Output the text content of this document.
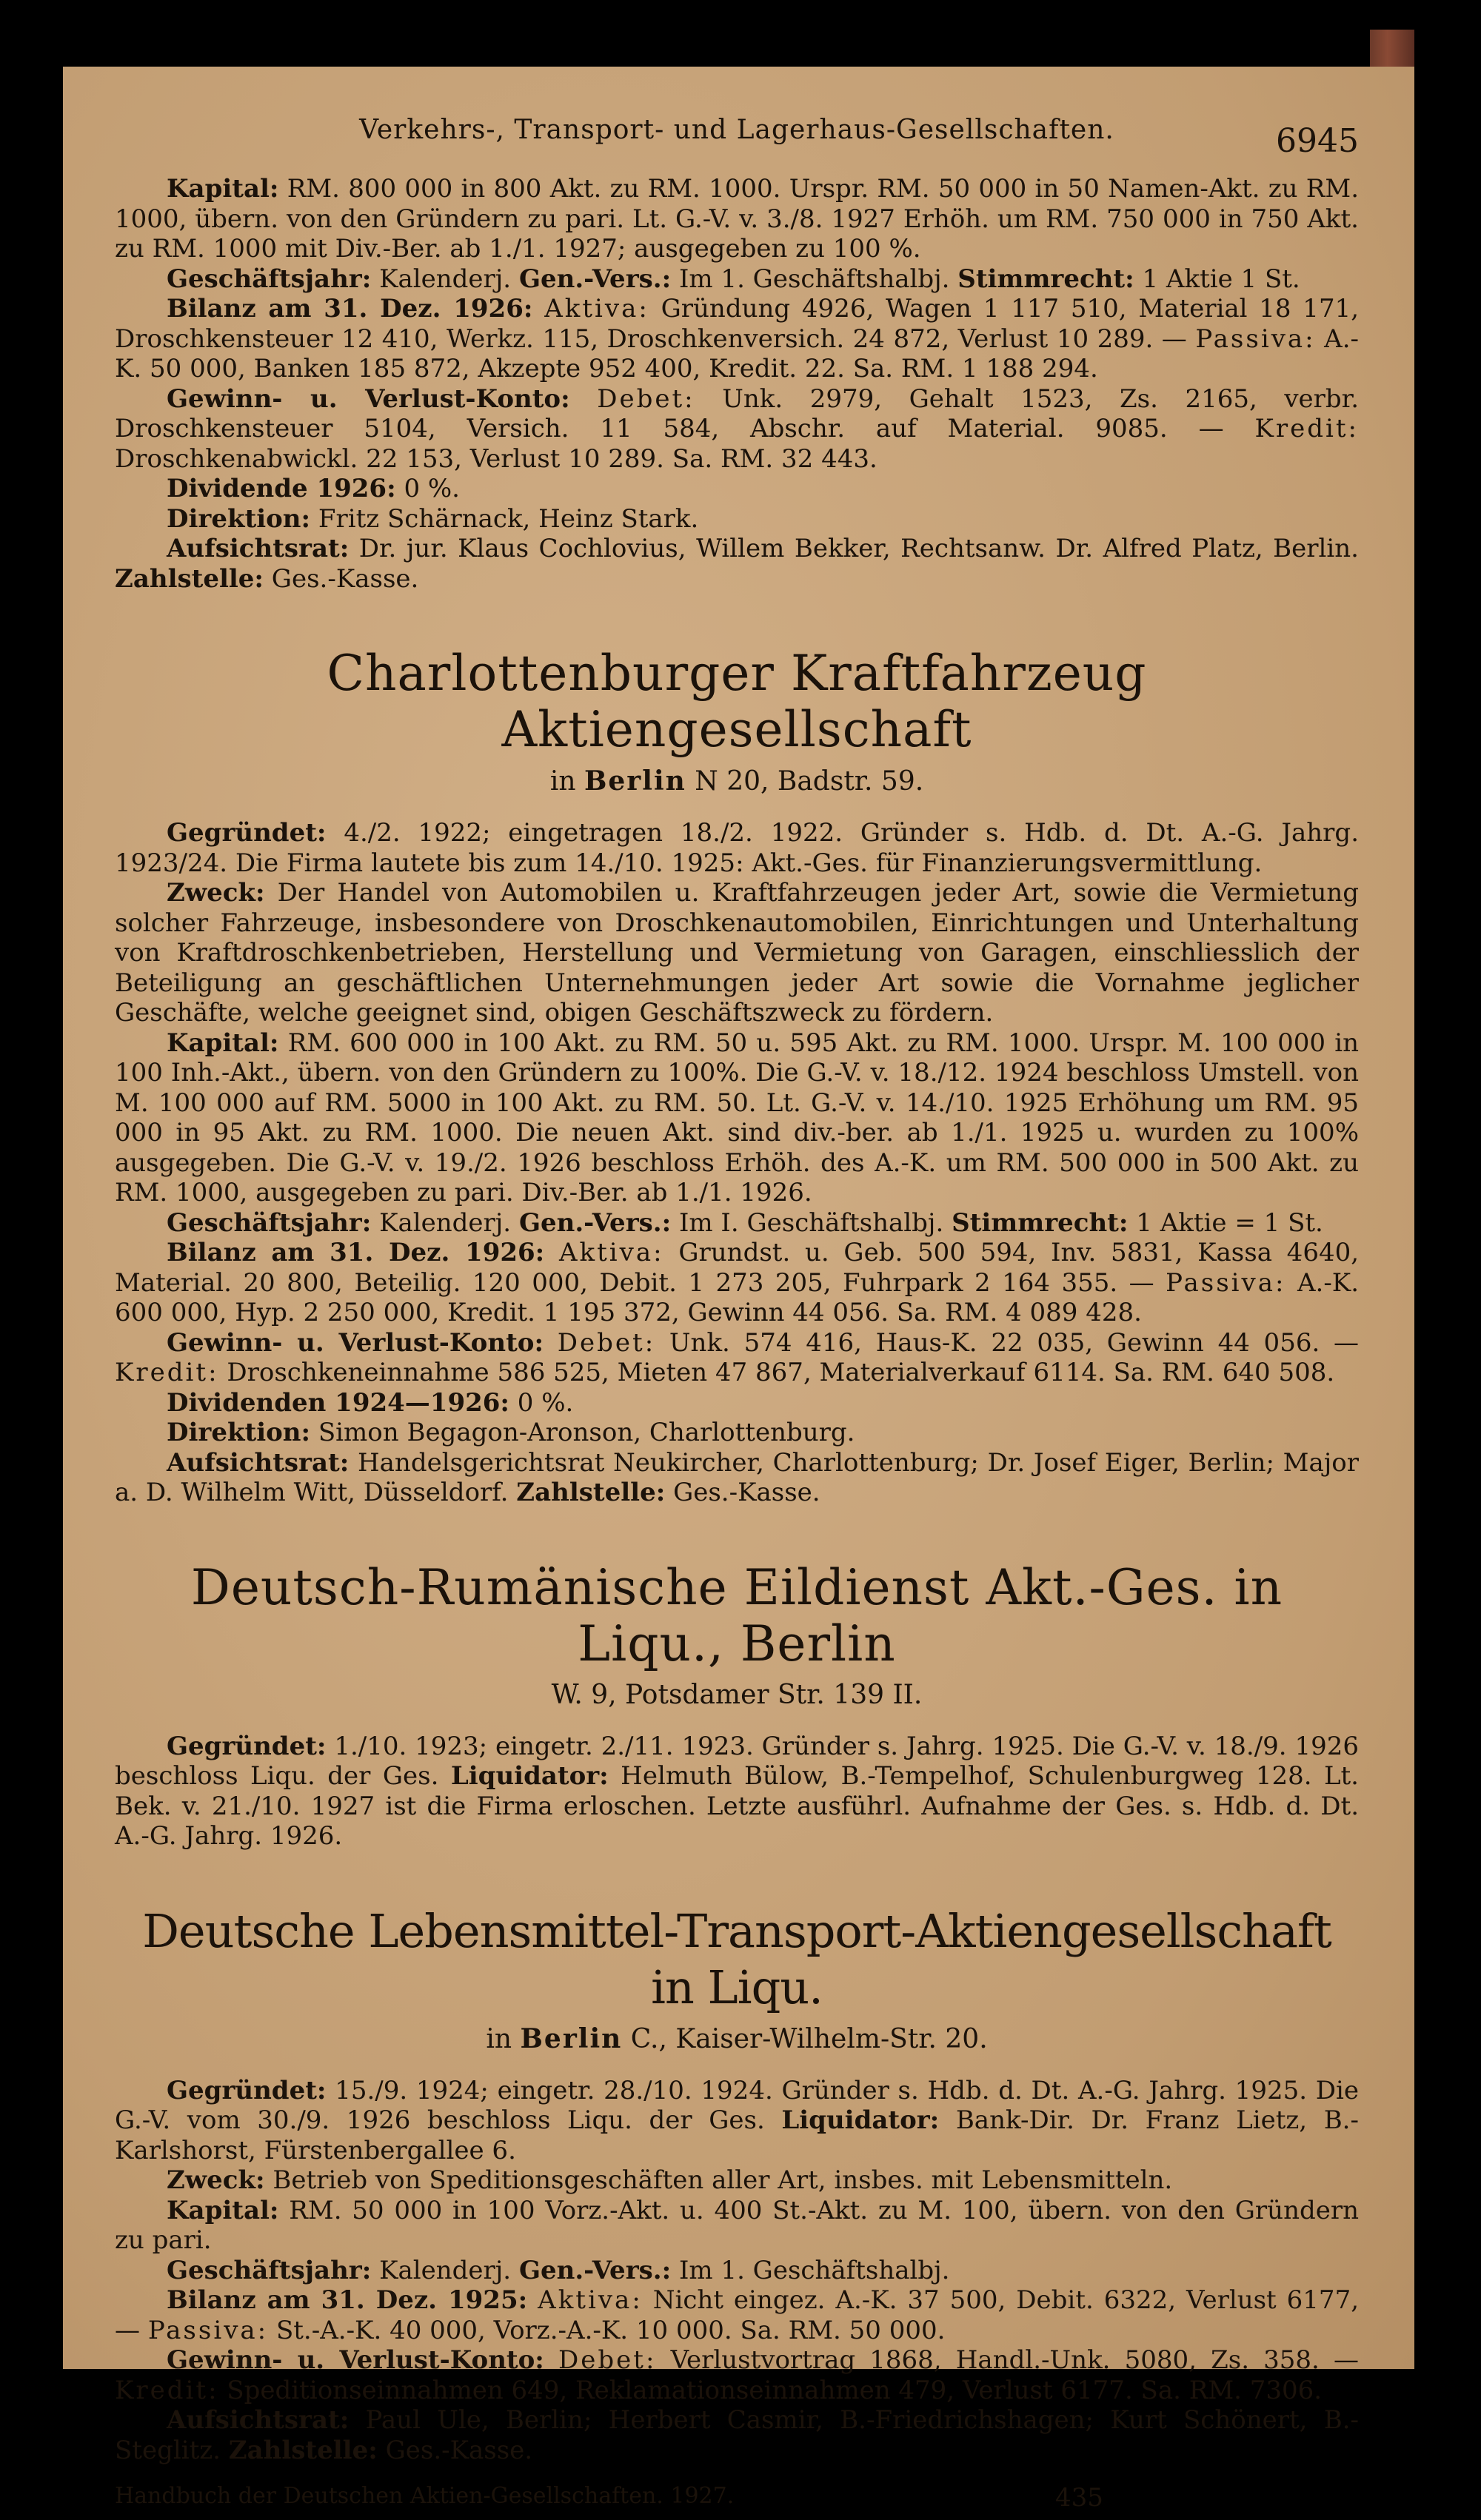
Verkehrs-, Transport- und Lagerhaus-Gesellschaften.	6945

Kapital: RM. 800 000 in 800 Akt. zu RM. 1000. Urspr. RM. 50 000 in 50 Namen-Akt. zu RM. 1000, übern. von den Gründern zu pari. Lt. G.-V. v. 3./8. 1927 Erhöh. um RM. 750 000 in 750 Akt. zu RM. 1000 mit Div.-Ber. ab 1./1. 1927; ausgegeben zu 100 %.

Geschäftsjahr: Kalenderj. Gen.-Vers.: Im 1. Geschäftshalbj. Stimmrecht: 1 Aktie 1 St.

Bilanz am 31. Dez. 1926: Aktiva: Gründung 4926, Wagen 1 117 510, Material 18 171, Droschkensteuer 12 410, Werkz. 115, Droschkenversich. 24 872, Verlust 10 289. — Passiva: A.-K. 50 000, Banken 185 872, Akzepte 952 400, Kredit. 22. Sa. RM. 1 188 294.

Gewinn- u. Verlust-Konto: Debet: Unk. 2979, Gehalt 1523, Zs. 2165, verbr. Droschkensteuer 5104, Versich. 11 584, Abschr. auf Material. 9085. — Kredit: Droschkenabwickl. 22 153, Verlust 10 289. Sa. RM. 32 443.

Dividende 1926: 0 %.

Direktion: Fritz Schärnack, Heinz Stark.

Aufsichtsrat: Dr. jur. Klaus Cochlovius, Willem Bekker, Rechtsanw. Dr. Alfred Platz, Berlin. Zahlstelle: Ges.-Kasse.

Charlottenburger Kraftfahrzeug Aktiengesellschaft
in Berlin N 20, Badstr. 59.

Gegründet: 4./2. 1922; eingetragen 18./2. 1922. Gründer s. Hdb. d. Dt. A.-G. Jahrg. 1923/24. Die Firma lautete bis zum 14./10. 1925: Akt.-Ges. für Finanzierungsvermittlung.

Zweck: Der Handel von Automobilen u. Kraftfahrzeugen jeder Art, sowie die Vermietung solcher Fahrzeuge, insbesondere von Droschkenautomobilen, Einrichtungen und Unterhaltung von Kraftdroschkenbetrieben, Herstellung und Vermietung von Garagen, einschliesslich der Beteiligung an geschäftlichen Unternehmungen jeder Art sowie die Vornahme jeglicher Geschäfte, welche geeignet sind, obigen Geschäftszweck zu fördern.

Kapital: RM. 600 000 in 100 Akt. zu RM. 50 u. 595 Akt. zu RM. 1000. Urspr. M. 100 000 in 100 Inh.-Akt., übern. von den Gründern zu 100%. Die G.-V. v. 18./12. 1924 beschloss Umstell. von M. 100 000 auf RM. 5000 in 100 Akt. zu RM. 50. Lt. G.-V. v. 14./10. 1925 Erhöhung um RM. 95 000 in 95 Akt. zu RM. 1000. Die neuen Akt. sind div.-ber. ab 1./1. 1925 u. wurden zu 100% ausgegeben. Die G.-V. v. 19./2. 1926 beschloss Erhöh. des A.-K. um RM. 500 000 in 500 Akt. zu RM. 1000, ausgegeben zu pari. Div.-Ber. ab 1./1. 1926.

Geschäftsjahr: Kalenderj. Gen.-Vers.: Im I. Geschäftshalbj. Stimmrecht: 1 Aktie = 1 St.

Bilanz am 31. Dez. 1926: Aktiva: Grundst. u. Geb. 500 594, Inv. 5831, Kassa 4640, Material. 20 800, Beteilig. 120 000, Debit. 1 273 205, Fuhrpark 2 164 355. — Passiva: A.-K. 600 000, Hyp. 2 250 000, Kredit. 1 195 372, Gewinn 44 056. Sa. RM. 4 089 428.

Gewinn- u. Verlust-Konto: Debet: Unk. 574 416, Haus-K. 22 035, Gewinn 44 056. — Kredit: Droschkeneinnahme 586 525, Mieten 47 867, Materialverkauf 6114. Sa. RM. 640 508.

Dividenden 1924—1926: 0 %.

Direktion: Simon Begagon-Aronson, Charlottenburg.

Aufsichtsrat: Handelsgerichtsrat Neukircher, Charlottenburg; Dr. Josef Eiger, Berlin; Major a. D. Wilhelm Witt, Düsseldorf. Zahlstelle: Ges.-Kasse.

Deutsch-Rumänische Eildienst Akt.-Ges. in Liqu., Berlin
W. 9, Potsdamer Str. 139 II.

Gegründet: 1./10. 1923; eingetr. 2./11. 1923. Gründer s. Jahrg. 1925. Die G.-V. v. 18./9. 1926 beschloss Liqu. der Ges. Liquidator: Helmuth Bülow, B.-Tempelhof, Schulenburgweg 128. Lt. Bek. v. 21./10. 1927 ist die Firma erloschen. Letzte ausführl. Aufnahme der Ges. s. Hdb. d. Dt. A.-G. Jahrg. 1926.

Deutsche Lebensmittel-Transport-Aktiengesellschaft in Liqu.
in Berlin C., Kaiser-Wilhelm-Str. 20.

Gegründet: 15./9. 1924; eingetr. 28./10. 1924. Gründer s. Hdb. d. Dt. A.-G. Jahrg. 1925. Die G.-V. vom 30./9. 1926 beschloss Liqu. der Ges. Liquidator: Bank-Dir. Dr. Franz Lietz, B.-Karlshorst, Fürstenbergallee 6.

Zweck: Betrieb von Speditionsgeschäften aller Art, insbes. mit Lebensmitteln.

Kapital: RM. 50 000 in 100 Vorz.-Akt. u. 400 St.-Akt. zu M. 100, übern. von den Gründern zu pari.

Geschäftsjahr: Kalenderj. Gen.-Vers.: Im 1. Geschäftshalbj.

Bilanz am 31. Dez. 1925: Aktiva: Nicht eingez. A.-K. 37 500, Debit. 6322, Verlust 6177, — Passiva: St.-A.-K. 40 000, Vorz.-A.-K. 10 000. Sa. RM. 50 000.

Gewinn- u. Verlust-Konto: Debet: Verlustvortrag 1868, Handl.-Unk. 5080, Zs. 358. — Kredit: Speditionseinnahmen 649, Reklamationseinnahmen 479, Verlust 6177. Sa. RM. 7306.

Aufsichtsrat: Paul Ule, Berlin; Herbert Casmir, B.-Friedrichshagen; Kurt Schönert, B.-Steglitz. Zahlstelle: Ges.-Kasse.

Handbuch der Deutschen Aktien-Gesellschaften. 1927.	435
